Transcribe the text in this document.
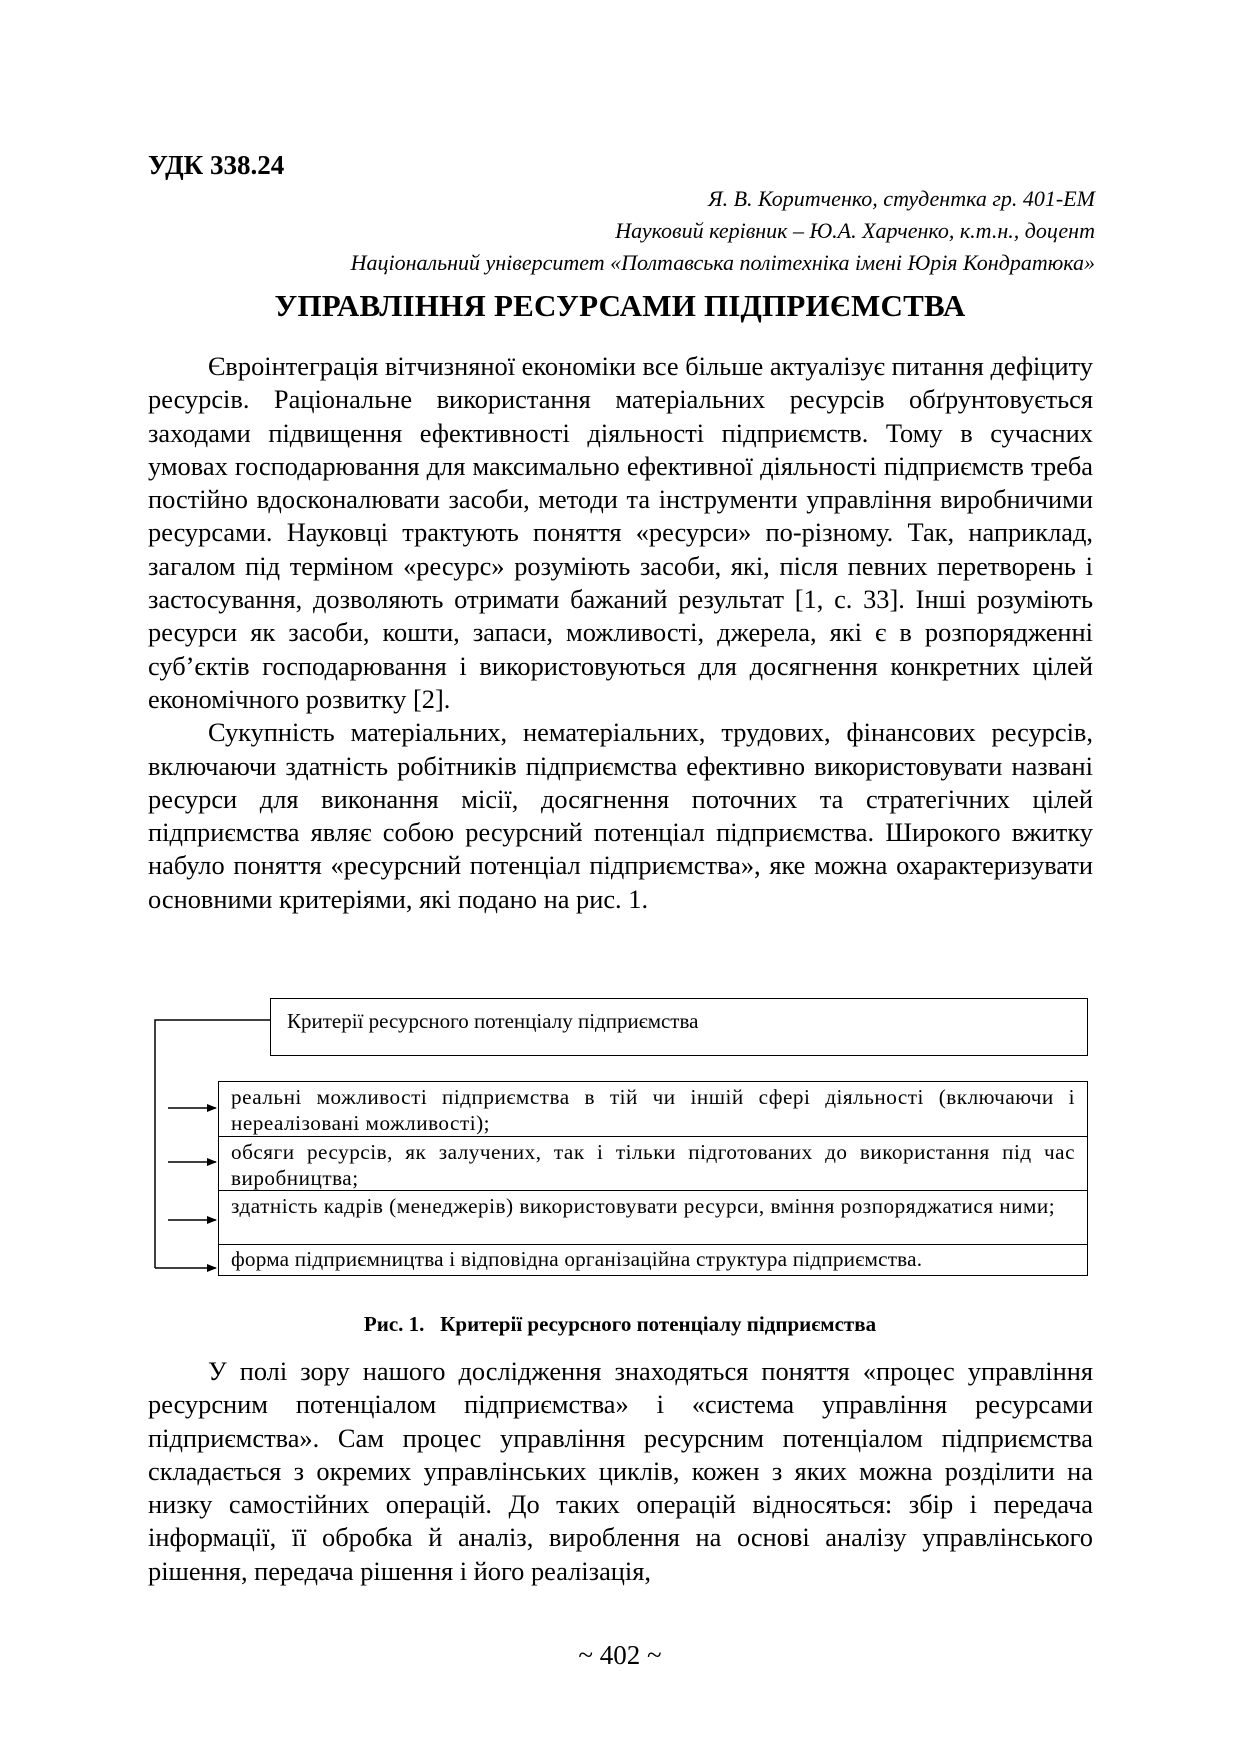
УДК 338.24
Я. В. Коритченко, студентка гр. 401-ЕМ
Науковий керівник – Ю.А. Харченко, к.т.н., доцент
Національний університет «Полтавська політехніка імені Юрія Кондратюка»
УПРАВЛІННЯ РЕСУРСАМИ ПІДПРИЄМСТВА

Євроінтеграція вітчизняної економіки все більше актуалізує питання дефіциту ресурсів. Раціональне використання матеріальних ресурсів обґрунтовується заходами підвищення ефективності діяльності підприємств. Тому в сучасних умовах господарювання для максимально ефективної діяльності підприємств треба постійно вдосконалювати засоби, методи та інструменти управління виробничими ресурсами. Науковці трактують поняття «ресурси» по-різному. Так, наприклад, загалом під терміном «ресурс» розуміють засоби, які, після певних перетворень і застосування, дозволяють отримати бажаний результат [1, с. 33]. Інші розуміють ресурси як засоби, кошти, запаси, можливості, джерела, які є в розпорядженні суб’єктів господарювання і використовуються для досягнення конкретних цілей економічного розвитку [2].

Сукупність матеріальних, нематеріальних, трудових, фінансових ресурсів, включаючи здатність робітників підприємства ефективно використовувати названі ресурси для виконання місії, досягнення поточних та стратегічних цілей підприємства являє собою ресурсний потенціал підприємства. Широкого вжитку набуло поняття «ресурсний потенціал підприємства», яке можна охарактеризувати основними критеріями, які подано на рис. 1.

Критерії ресурсного потенціалу підприємства
реальні можливості підприємства в тій чи іншій сфері діяльності (включаючи і нереалізовані можливості);
обсяги ресурсів, як залучених, так і тільки підготованих до використання під час виробництва;
здатність кадрів (менеджерів) використовувати ресурси, вміння розпоряджатися ними;
форма підприємництва і відповідна організаційна структура підприємства.
Рис. 1.   Критерії ресурсного потенціалу підприємства

У полі зору нашого дослідження знаходяться поняття «процес управління ресурсним потенціалом підприємства» і «система управління ресурсами підприємства». Сам процес управління ресурсним потенціалом підприємства складається з окремих управлінських циклів, кожен з яких можна розділити на низку самостійних операцій. До таких операцій відносяться: збір і передача інформації, її обробка й аналіз, вироблення на основі аналізу управлінського рішення, передача рішення і його реалізація,

~ 402 ~
